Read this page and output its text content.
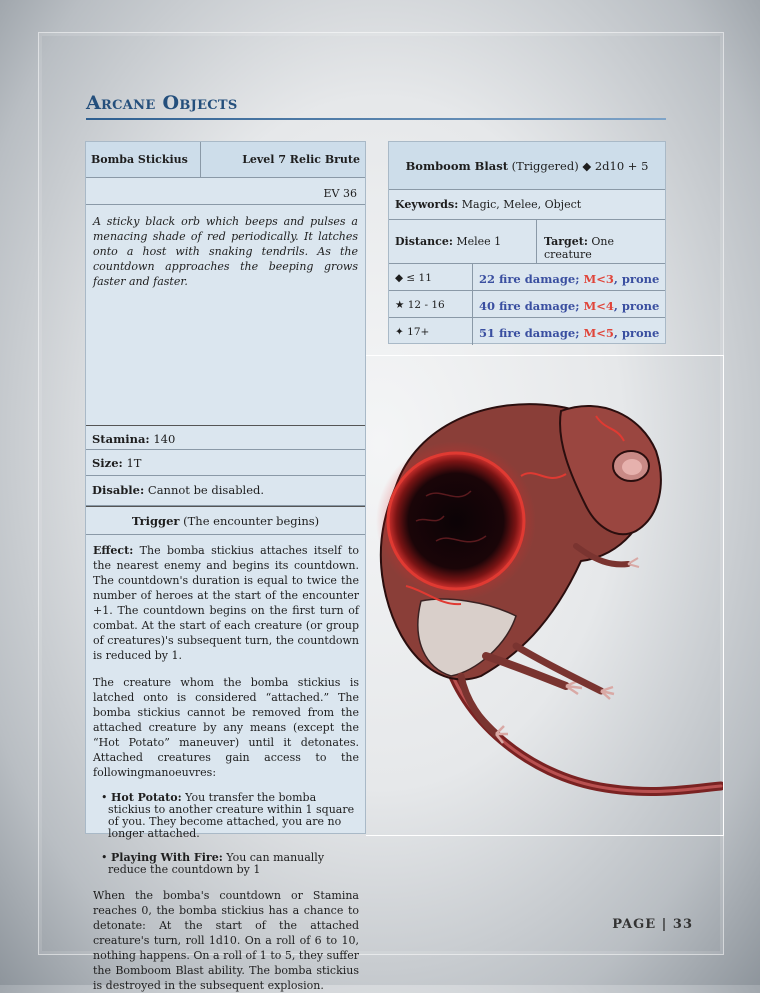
Arcane Objects
Bomba Stickius	Level 7 Relic Brute
EV 36
A sticky black orb which beeps and pulses a menacing shade of red periodically. It latches onto a host with snaking tendrils. As the countdown approaches the beeping grows faster and faster.
Stamina: 140
Size: 1T
Disable: Cannot be disabled.
Trigger (The encounter begins)

Effect: The bomba stickius attaches itself to the nearest enemy and begins its countdown. The countdown's duration is equal to twice the number of heroes at the start of the encounter +1. The countdown begins on the first turn of combat. At the start of each creature (or group of creatures)'s subsequent turn, the countdown is reduced by 1.

The creature whom the bomba stickius is latched onto is considered “attached.” The bomba stickius cannot be removed from the attached creature by any means (except the “Hot Potato” maneuver) until it detonates. Attached creatures gain access to the followingmanoeuvres:

• Hot Potato: You transfer the bomba stickius to another creature within 1 square of you. They become attached, you are no longer attached.
• Playing With Fire: You can manually reduce the countdown by 1

When the bomba's countdown or Stamina reaches 0, the bomba stickius has a chance to detonate: At the start of the attached creature's turn, roll 1d10. On a roll of 6 to 10, nothing happens. On a roll of 1 to 5, they suffer the Bomboom Blast ability. The bomba stickius is destroyed in the subsequent explosion.

Bomboom Blast (Triggered) ◆ 2d10 + 5
Keywords: Magic, Melee, Object
Distance: Melee 1	Target: One creature
◆ ≤ 11	22 fire damage; M<3, prone
★ 12 - 16	40 fire damage; M<4, prone
✦ 17+	51 fire damage; M<5, prone
PAGE | 33
